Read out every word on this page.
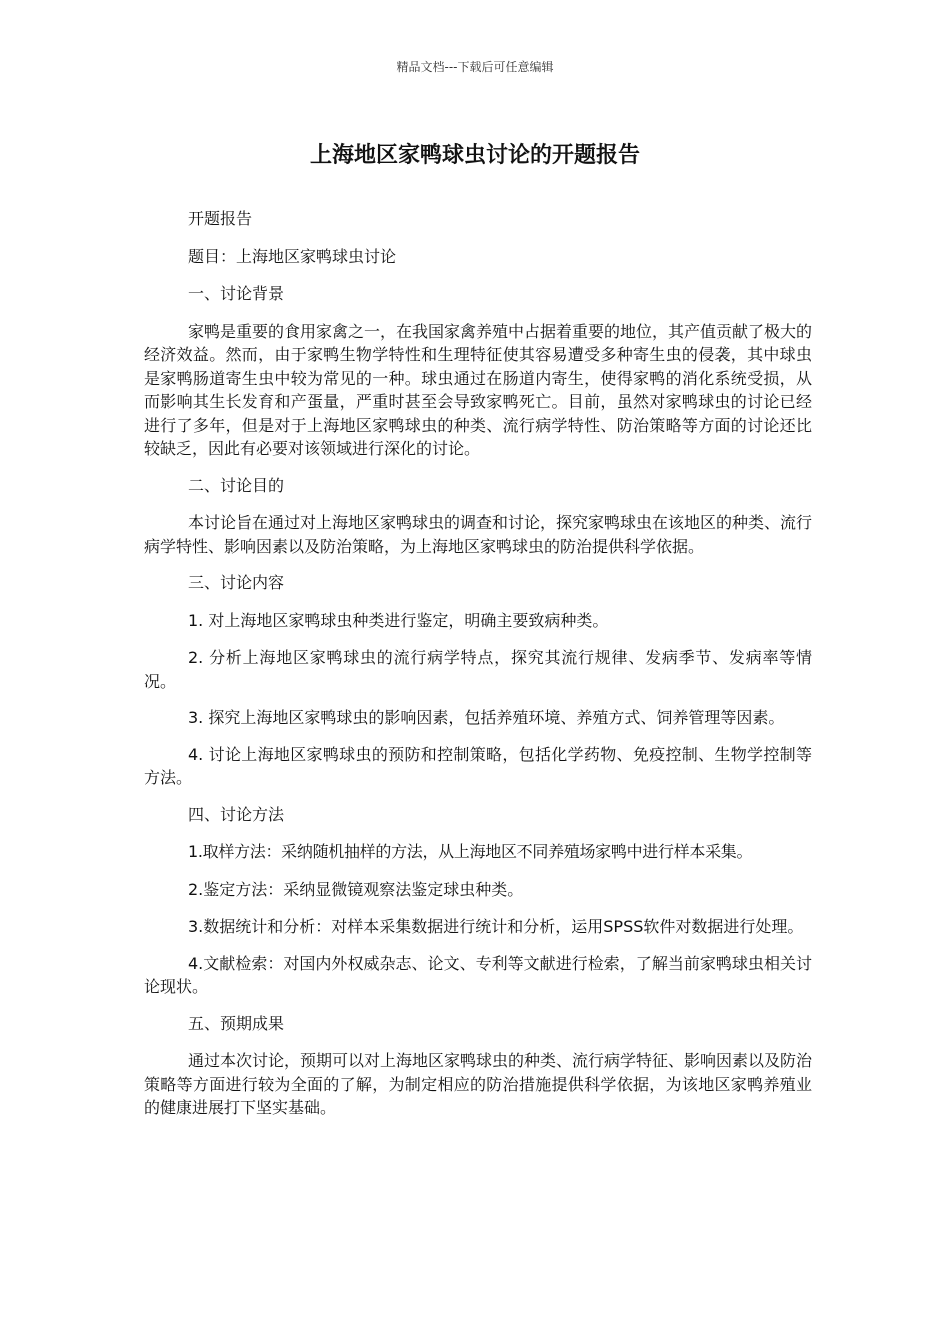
精品文档---下载后可任意编辑
上海地区家鸭球虫讨论的开题报告

开题报告

题目：上海地区家鸭球虫讨论

一、讨论背景

家鸭是重要的食用家禽之一，在我国家禽养殖中占据着重要的地位，其产值贡献了极大的经济效益。然而，由于家鸭生物学特性和生理特征使其容易遭受多种寄生虫的侵袭，其中球虫是家鸭肠道寄生虫中较为常见的一种。球虫通过在肠道内寄生，使得家鸭的消化系统受损，从而影响其生长发育和产蛋量，严重时甚至会导致家鸭死亡。目前，虽然对家鸭球虫的讨论已经进行了多年，但是对于上海地区家鸭球虫的种类、流行病学特性、防治策略等方面的讨论还比较缺乏，因此有必要对该领域进行深化的讨论。

二、讨论目的

本讨论旨在通过对上海地区家鸭球虫的调查和讨论，探究家鸭球虫在该地区的种类、流行病学特性、影响因素以及防治策略，为上海地区家鸭球虫的防治提供科学依据。

三、讨论内容

1. 对上海地区家鸭球虫种类进行鉴定，明确主要致病种类。

2. 分析上海地区家鸭球虫的流行病学特点，探究其流行规律、发病季节、发病率等情况。

3. 探究上海地区家鸭球虫的影响因素，包括养殖环境、养殖方式、饲养管理等因素。

4. 讨论上海地区家鸭球虫的预防和控制策略，包括化学药物、免疫控制、生物学控制等方法。

四、讨论方法

1.取样方法：采纳随机抽样的方法，从上海地区不同养殖场家鸭中进行样本采集。

2.鉴定方法：采纳显微镜观察法鉴定球虫种类。

3.数据统计和分析：对样本采集数据进行统计和分析，运用SPSS软件对数据进行处理。

4.文献检索：对国内外权威杂志、论文、专利等文献进行检索，了解当前家鸭球虫相关讨论现状。

五、预期成果

通过本次讨论，预期可以对上海地区家鸭球虫的种类、流行病学特征、影响因素以及防治策略等方面进行较为全面的了解，为制定相应的防治措施提供科学依据，为该地区家鸭养殖业的健康进展打下坚实基础。
